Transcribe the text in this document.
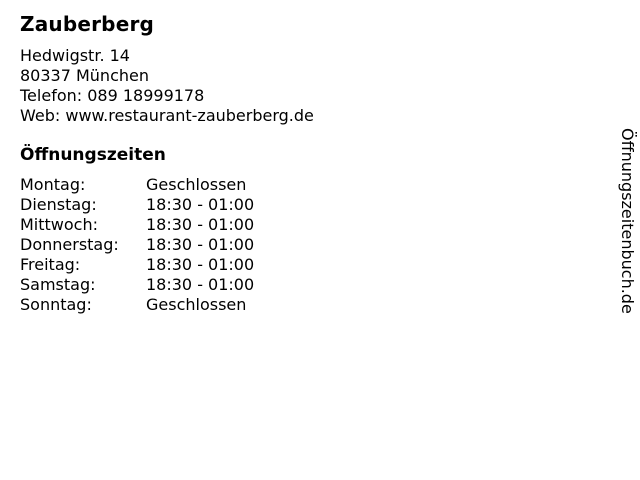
Zauberberg
Hedwigstr. 14
80337 München
Telefon: 089 18999178
Web: www.restaurant-zauberberg.de
Öffnungszeiten
Montag:	Geschlossen
Dienstag:	18:30 - 01:00
Mittwoch:	18:30 - 01:00
Donnerstag:	18:30 - 01:00
Freitag:	18:30 - 01:00
Samstag:	18:30 - 01:00
Sonntag:	Geschlossen	Öffnungszeitenbuch.de
